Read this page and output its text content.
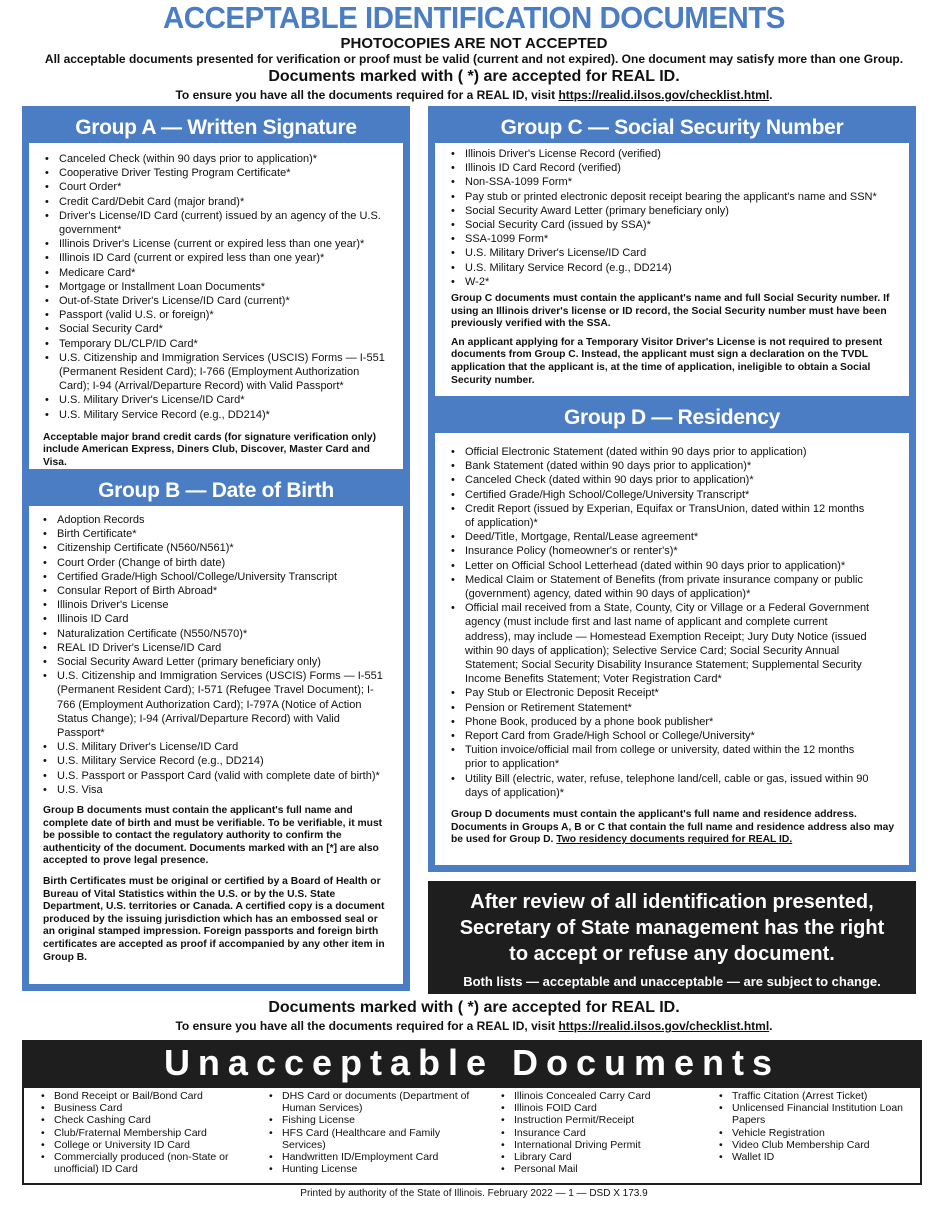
ACCEPTABLE IDENTIFICATION DOCUMENTS
PHOTOCOPIES ARE NOT ACCEPTED
All acceptable documents presented for verification or proof must be valid (current and not expired). One document may satisfy more than one Group.
Documents marked with ( *) are accepted for REAL ID.
To ensure you have all the documents required for a REAL ID, visit https://realid.ilsos.gov/checklist.html.
Group A — Written Signature
• Canceled Check (within 90 days prior to application)*
• Cooperative Driver Testing Program Certificate*
• Court Order*
• Credit Card/Debit Card (major brand)*
• Driver's License/ID Card (current) issued by an agency of the U.S. government*
• Illinois Driver's License (current or expired less than one year)*
• Illinois ID Card (current or expired less than one year)*
• Medicare Card*
• Mortgage or Installment Loan Documents*
• Out-of-State Driver's License/ID Card (current)*
• Passport (valid U.S. or foreign)*
• Social Security Card*
• Temporary DL/CLP/ID Card*
• U.S. Citizenship and Immigration Services (USCIS) Forms — I-551 (Permanent Resident Card); I-766 (Employment Authorization Card); I-94 (Arrival/Departure Record) with Valid Passport*
• U.S. Military Driver's License/ID Card*
• U.S. Military Service Record (e.g., DD214)*

Acceptable major brand credit cards (for signature verification only) include American Express, Diners Club, Discover, Master Card and Visa.

Group B — Date of Birth
• Adoption Records
• Birth Certificate*
• Citizenship Certificate (N560/N561)*
• Court Order (Change of birth date)
• Certified Grade/High School/College/University Transcript
• Consular Report of Birth Abroad*
• Illinois Driver's License
• Illinois ID Card
• Naturalization Certificate (N550/N570)*
• REAL ID Driver's License/ID Card
• Social Security Award Letter (primary beneficiary only)
• U.S. Citizenship and Immigration Services (USCIS) Forms — I-551 (Permanent Resident Card); I-571 (Refugee Travel Document); I-766 (Employment Authorization Card); I-797A (Notice of Action Status Change); I-94 (Arrival/Departure Record) with Valid Passport*
• U.S. Military Driver's License/ID Card
• U.S. Military Service Record (e.g., DD214)
• U.S. Passport or Passport Card (valid with complete date of birth)*
• U.S. Visa

Group B documents must contain the applicant's full name and complete date of birth and must be verifiable. To be verifiable, it must be possible to contact the regulatory authority to confirm the authenticity of the document. Documents marked with an [*] are also accepted to prove legal presence.

Birth Certificates must be original or certified by a Board of Health or Bureau of Vital Statistics within the U.S. or by the U.S. State Department, U.S. territories or Canada. A certified copy is a document produced by the issuing jurisdiction which has an embossed seal or an original stamped impression. Foreign passports and foreign birth certificates are accepted as proof if accompanied by any other item in Group B.

Group C — Social Security Number
• Illinois Driver's License Record (verified)
• Illinois ID Card Record (verified)
• Non-SSA-1099 Form*
• Pay stub or printed electronic deposit receipt bearing the applicant's name and SSN*
• Social Security Award Letter (primary beneficiary only)
• Social Security Card (issued by SSA)*
• SSA-1099 Form*
• U.S. Military Driver's License/ID Card
• U.S. Military Service Record (e.g., DD214)
• W-2*

Group C documents must contain the applicant's name and full Social Security number. If using an Illinois driver's license or ID record, the Social Security number must have been previously verified with the SSA.

An applicant applying for a Temporary Visitor Driver's License is not required to present documents from Group C. Instead, the applicant must sign a declaration on the TVDL application that the applicant is, at the time of application, ineligible to obtain a Social Security number.

Group D — Residency
• Official Electronic Statement (dated within 90 days prior to application)
• Bank Statement (dated within 90 days prior to application)*
• Canceled Check (dated within 90 days prior to application)*
• Certified Grade/High School/College/University Transcript*
• Credit Report (issued by Experian, Equifax or TransUnion, dated within 12 months of application)*
• Deed/Title, Mortgage, Rental/Lease agreement*
• Insurance Policy (homeowner's or renter's)*
• Letter on Official School Letterhead (dated within 90 days prior to application)*
• Medical Claim or Statement of Benefits (from private insurance company or public (government) agency, dated within 90 days of application)*
• Official mail received from a State, County, City or Village or a Federal Government agency (must include first and last name of applicant and complete current address), may include — Homestead Exemption Receipt; Jury Duty Notice (issued within 90 days of application); Selective Service Card; Social Security Annual Statement; Social Security Disability Insurance Statement; Supplemental Security Income Benefits Statement; Voter Registration Card*
• Pay Stub or Electronic Deposit Receipt*
• Pension or Retirement Statement*
• Phone Book, produced by a phone book publisher*
• Report Card from Grade/High School or College/University*
• Tuition invoice/official mail from college or university, dated within the 12 months prior to application*
• Utility Bill (electric, water, refuse, telephone land/cell, cable or gas, issued within 90 days of application)*

Group D documents must contain the applicant's full name and residence address. Documents in Groups A, B or C that contain the full name and residence address also may be used for Group D. Two residency documents required for REAL ID.

After review of all identification presented,
Secretary of State management has the right
to accept or refuse any document.
Both lists — acceptable and unacceptable — are subject to change.
Documents marked with ( *) are accepted for REAL ID.
To ensure you have all the documents required for a REAL ID, visit https://realid.ilsos.gov/checklist.html.
Unacceptable Documents
• Bond Receipt or Bail/Bond Card
• Business Card
• Check Cashing Card
• Club/Fraternal Membership Card
• College or University ID Card
• Commercially produced (non-State or unofficial) ID Card
• DHS Card or documents (Department of Human Services)
• Fishing License
• HFS Card (Healthcare and Family Services)
• Handwritten ID/Employment Card
• Hunting License
• Illinois Concealed Carry Card
• Illinois FOID Card
• Instruction Permit/Receipt
• Insurance Card
• International Driving Permit
• Library Card
• Personal Mail
• Traffic Citation (Arrest Ticket)
• Unlicensed Financial Institution Loan Papers
• Vehicle Registration
• Video Club Membership Card
• Wallet ID
Printed by authority of the State of Illinois. February 2022 — 1 — DSD X 173.9
